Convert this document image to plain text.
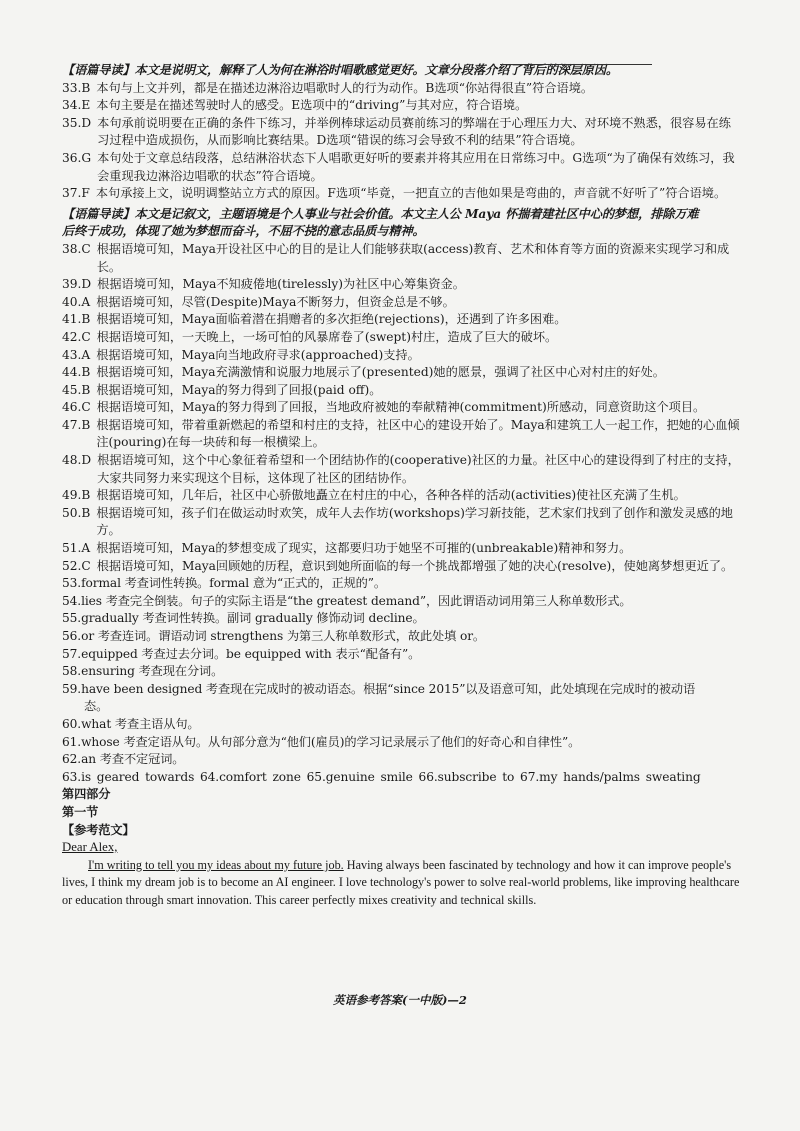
【语篇导读】本文是说明文，解释了人为何在淋浴时唱歌感觉更好。文章分段落介绍了背后的深层原因。

33.B 本句与上文并列，都是在描述边淋浴边唱歌时人的行为动作。B选项“你站得很直”符合语境。
34.E 本句主要是在描述驾驶时人的感受。E选项中的“driving”与其对应，符合语境。
35.D 本句承前说明要在正确的条件下练习，并举例棒球运动员赛前练习的弊端在于心理压力大、对环境不熟悉，很容易在练习过程中造成损伤，从而影响比赛结果。D选项“错误的练习会导致不利的结果”符合语境。
36.G 本句处于文章总结段落，总结淋浴状态下人唱歌更好听的要素并将其应用在日常练习中。G选项“为了确保有效练习，我会重现我边淋浴边唱歌的状态”符合语境。
37.F 本句承接上文，说明调整站立方式的原因。F选项“毕竟，一把直立的吉他如果是弯曲的，声音就不好听了”符合语境。

【语篇导读】本文是记叙文，主题语境是个人事业与社会价值。本文主人公 Maya 怀揣着建社区中心的梦想，排除万难

后终于成功，体现了她为梦想而奋斗，不屈不挠的意志品质与精神。

38.C 根据语境可知，Maya开设社区中心的目的是让人们能够获取(access)教育、艺术和体育等方面的资源来实现学习和成长。
39.D 根据语境可知，Maya不知疲倦地(tirelessly)为社区中心筹集资金。
40.A 根据语境可知，尽管(Despite)Maya不断努力，但资金总是不够。
41.B 根据语境可知，Maya面临着潜在捐赠者的多次拒绝(rejections)，还遇到了许多困难。
42.C 根据语境可知，一天晚上，一场可怕的风暴席卷了(swept)村庄，造成了巨大的破坏。
43.A 根据语境可知，Maya向当地政府寻求(approached)支持。
44.B 根据语境可知，Maya充满激情和说服力地展示了(presented)她的愿景，强调了社区中心对村庄的好处。
45.B 根据语境可知，Maya的努力得到了回报(paid off)。
46.C 根据语境可知，Maya的努力得到了回报，当地政府被她的奉献精神(commitment)所感动，同意资助这个项目。
47.B 根据语境可知，带着重新燃起的希望和村庄的支持，社区中心的建设开始了。Maya和建筑工人一起工作，把她的心血倾注(pouring)在每一块砖和每一根横梁上。
48.D 根据语境可知，这个中心象征着希望和一个团结协作的(cooperative)社区的力量。社区中心的建设得到了村庄的支持，大家共同努力来实现这个目标，这体现了社区的团结协作。
49.B 根据语境可知，几年后，社区中心骄傲地矗立在村庄的中心，各种各样的活动(activities)使社区充满了生机。
50.B 根据语境可知，孩子们在做运动时欢笑，成年人去作坊(workshops)学习新技能，艺术家们找到了创作和激发灵感的地方。
51.A 根据语境可知，Maya的梦想变成了现实，这都要归功于她坚不可摧的(unbreakable)精神和努力。
52.C 根据语境可知，Maya回顾她的历程，意识到她所面临的每一个挑战都增强了她的决心(resolve)，使她离梦想更近了。

53.formal 考查词性转换。formal 意为“正式的，正规的”。

54.lies 考查完全倒装。句子的实际主语是“the greatest demand”，因此谓语动词用第三人称单数形式。

55.gradually 考查词性转换。副词 gradually 修饰动词 decline。

56.or 考查连词。谓语动词 strengthens 为第三人称单数形式，故此处填 or。

57.equipped 考查过去分词。be equipped with 表示“配备有”。

58.ensuring 考查现在分词。

59.have been designed 考查现在完成时的被动语态。根据“since 2015”以及语意可知，此处填现在完成时的被动语

态。

60.what 考查主语从句。

61.whose 考查定语从句。从句部分意为“他们(雇员)的学习记录展示了他们的好奇心和自律性”。

62.an 考查不定冠词。

63.is geared towards 64.comfort zone 65.genuine smile 66.subscribe to 67.my hands/palms sweating

第四部分

第一节

【参考范文】

Dear Alex,

I'm writing to tell you my ideas about my future job. Having always been fascinated by technology and how it can improve people's lives, I think my dream job is to become an AI engineer. I love technology's power to solve real-world problems, like improving healthcare or education through smart innovation. This career perfectly mixes creativity and technical skills.

英语参考答案(一中版)—2
